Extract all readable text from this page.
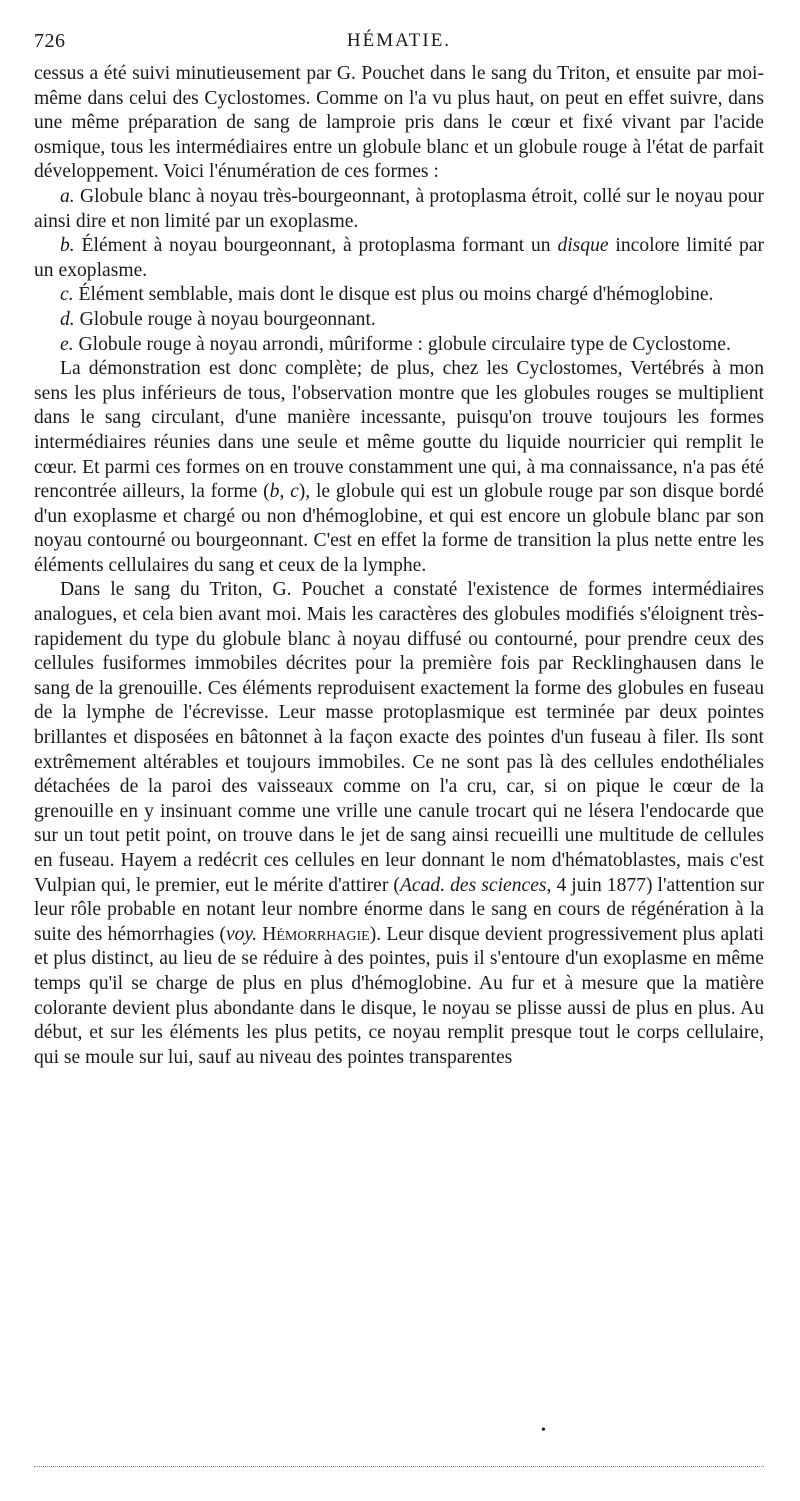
726	HÉMATIE.

cessus a été suivi minutieusement par G. Pouchet dans le sang du Triton, et ensuite par moi-même dans celui des Cyclostomes. Comme on l'a vu plus haut, on peut en effet suivre, dans une même préparation de sang de lamproie pris dans le cœur et fixé vivant par l'acide osmique, tous les intermédiaires entre un globule blanc et un globule rouge à l'état de parfait développement. Voici l'énumération de ces formes :

a. Globule blanc à noyau très-bourgeonnant, à protoplasma étroit, collé sur le noyau pour ainsi dire et non limité par un exoplasme.

b. Élément à noyau bourgeonnant, à protoplasma formant un disque incolore limité par un exoplasme.

c. Élément semblable, mais dont le disque est plus ou moins chargé d'hémoglobine.

d. Globule rouge à noyau bourgeonnant.

e. Globule rouge à noyau arrondi, mûriforme : globule circulaire type de Cyclostome.

La démonstration est donc complète; de plus, chez les Cyclostomes, Vertébrés à mon sens les plus inférieurs de tous, l'observation montre que les globules rouges se multiplient dans le sang circulant, d'une manière incessante, puisqu'on trouve toujours les formes intermédiaires réunies dans une seule et même goutte du liquide nourricier qui remplit le cœur. Et parmi ces formes on en trouve constamment une qui, à ma connaissance, n'a pas été rencontrée ailleurs, la forme (b, c), le globule qui est un globule rouge par son disque bordé d'un exoplasme et chargé ou non d'hémoglobine, et qui est encore un globule blanc par son noyau contourné ou bourgeonnant. C'est en effet la forme de transition la plus nette entre les éléments cellulaires du sang et ceux de la lymphe.

Dans le sang du Triton, G. Pouchet a constaté l'existence de formes intermédiaires analogues, et cela bien avant moi. Mais les caractères des globules modifiés s'éloignent très-rapidement du type du globule blanc à noyau diffusé ou contourné, pour prendre ceux des cellules fusiformes immobiles décrites pour la première fois par Recklinghausen dans le sang de la grenouille. Ces éléments reproduisent exactement la forme des globules en fuseau de la lymphe de l'écrevisse. Leur masse protoplasmique est terminée par deux pointes brillantes et disposées en bâtonnet à la façon exacte des pointes d'un fuseau à filer. Ils sont extrêmement altérables et toujours immobiles. Ce ne sont pas là des cellules endothéliales détachées de la paroi des vaisseaux comme on l'a cru, car, si on pique le cœur de la grenouille en y insinuant comme une vrille une canule trocart qui ne lésera l'endocarde que sur un tout petit point, on trouve dans le jet de sang ainsi recueilli une multitude de cellules en fuseau. Hayem a redécrit ces cellules en leur donnant le nom d'hématoblastes, mais c'est Vulpian qui, le premier, eut le mérite d'attirer (Acad. des sciences, 4 juin 1877) l'attention sur leur rôle probable en notant leur nombre énorme dans le sang en cours de régénération à la suite des hémorrhagies (voy. Hémorrhagie). Leur disque devient progressivement plus aplati et plus distinct, au lieu de se réduire à des pointes, puis il s'entoure d'un exoplasme en même temps qu'il se charge de plus en plus d'hémoglobine. Au fur et à mesure que la matière colorante devient plus abondante dans le disque, le noyau se plisse aussi de plus en plus. Au début, et sur les éléments les plus petits, ce noyau remplit presque tout le corps cellulaire, qui se moule sur lui, sauf au niveau des pointes transparentes

•
